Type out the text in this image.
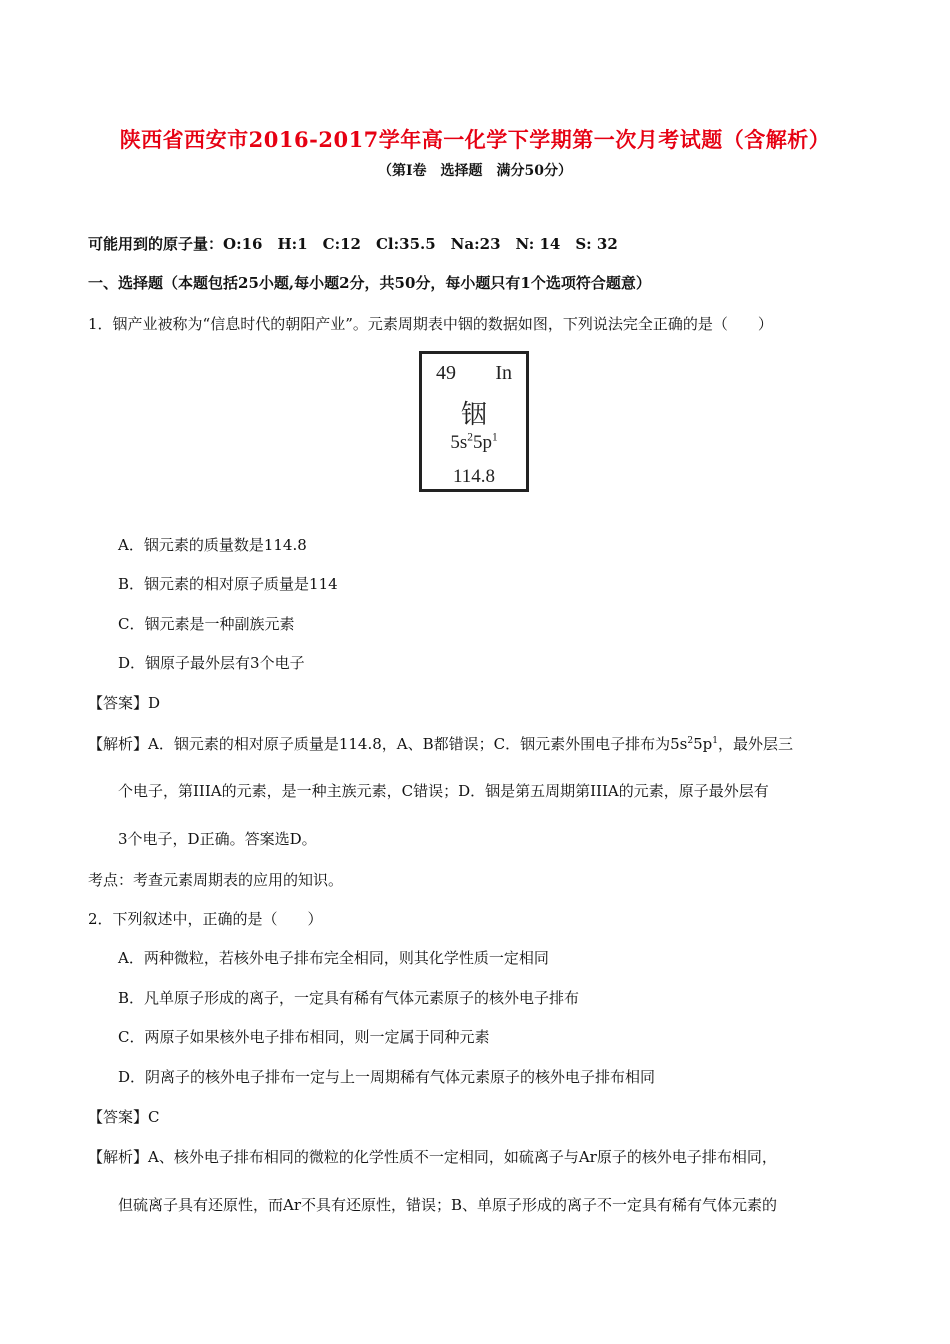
陕西省西安市2016-2017学年高一化学下学期第一次月考试题（含解析）
（第Ⅰ卷　选择题　满分50分）
可能用到的原子量：O:16　H:1　C:12　Cl:35.5　Na:23　N: 14　S: 32
一、选择题（本题包括25小题,每小题2分，共50分，每小题只有1个选项符合题意）
1．铟产业被称为“信息时代的朝阳产业”。元素周期表中铟的数据如图，下列说法完全正确的是（　　）
49 In
铟
$5s^25p^1$
114.8
A．铟元素的质量数是114.8
B．铟元素的相对原子质量是114
C．铟元素是一种副族元素
D．铟原子最外层有3个电子
【答案】D
【解析】A．铟元素的相对原子质量是114.8，A、B都错误；C．铟元素外围电子排布为$5s^25p^1$，最外层三
个电子，第IIIA的元素，是一种主族元素，C错误；D．铟是第五周期第IIIA的元素，原子最外层有
3个电子，D正确。答案选D。
考点：考查元素周期表的应用的知识。
2．下列叙述中，正确的是（　　）
A．两种微粒，若核外电子排布完全相同，则其化学性质一定相同
B．凡单原子形成的离子，一定具有稀有气体元素原子的核外电子排布
C．两原子如果核外电子排布相同，则一定属于同种元素
D．阴离子的核外电子排布一定与上一周期稀有气体元素原子的核外电子排布相同
【答案】C
【解析】A、核外电子排布相同的微粒的化学性质不一定相同，如硫离子与Ar原子的核外电子排布相同，
但硫离子具有还原性，而Ar不具有还原性，错误；B、单原子形成的离子不一定具有稀有气体元素的
